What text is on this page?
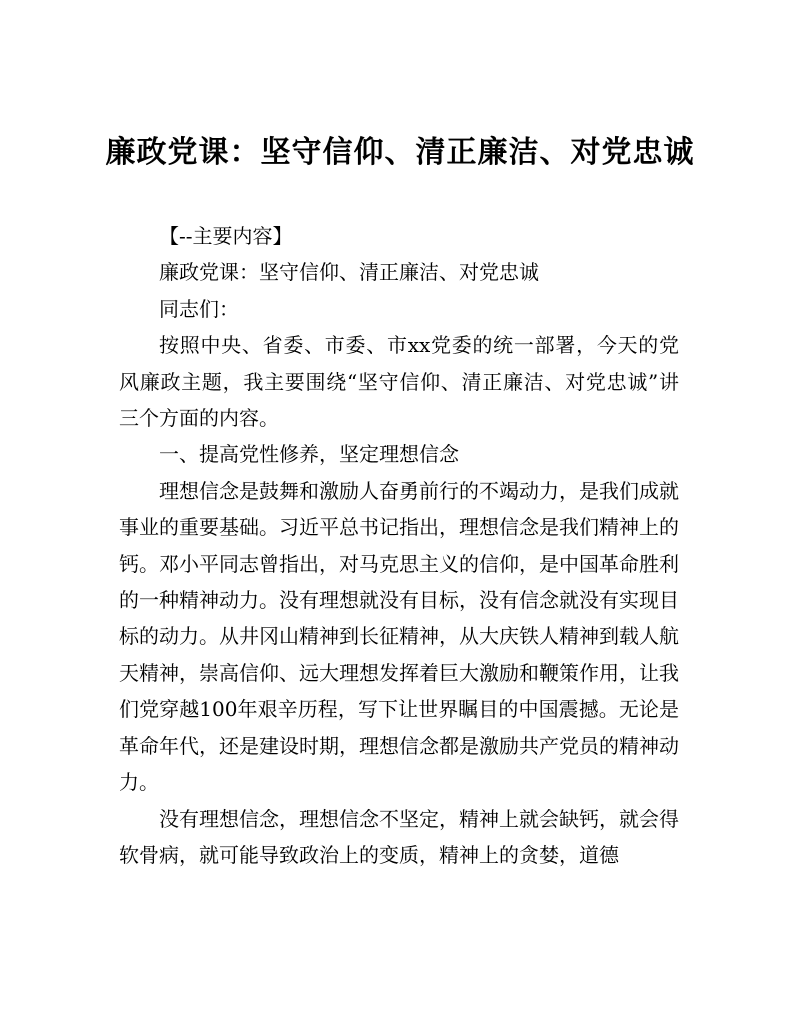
廉政党课：坚守信仰、清正廉洁、对党忠诚

【--主要内容】

廉政党课：坚守信仰、清正廉洁、对党忠诚

同志们：

按照中央、省委、市委、市xx党委的统一部署，今天的党风廉政主题，我主要围绕“坚守信仰、清正廉洁、对党忠诚”讲三个方面的内容。

一、提高党性修养，坚定理想信念

理想信念是鼓舞和激励人奋勇前行的不竭动力，是我们成就事业的重要基础。习近平总书记指出，理想信念是我们精神上的钙。邓小平同志曾指出，对马克思主义的信仰，是中国革命胜利的一种精神动力。没有理想就没有目标，没有信念就没有实现目标的动力。从井冈山精神到长征精神，从大庆铁人精神到载人航天精神，崇高信仰、远大理想发挥着巨大激励和鞭策作用，让我们党穿越100年艰辛历程，写下让世界瞩目的中国震撼。无论是革命年代，还是建设时期，理想信念都是激励共产党员的精神动力。

没有理想信念，理想信念不坚定，精神上就会缺钙，就会得软骨病，就可能导致政治上的变质，精神上的贪婪，道德
